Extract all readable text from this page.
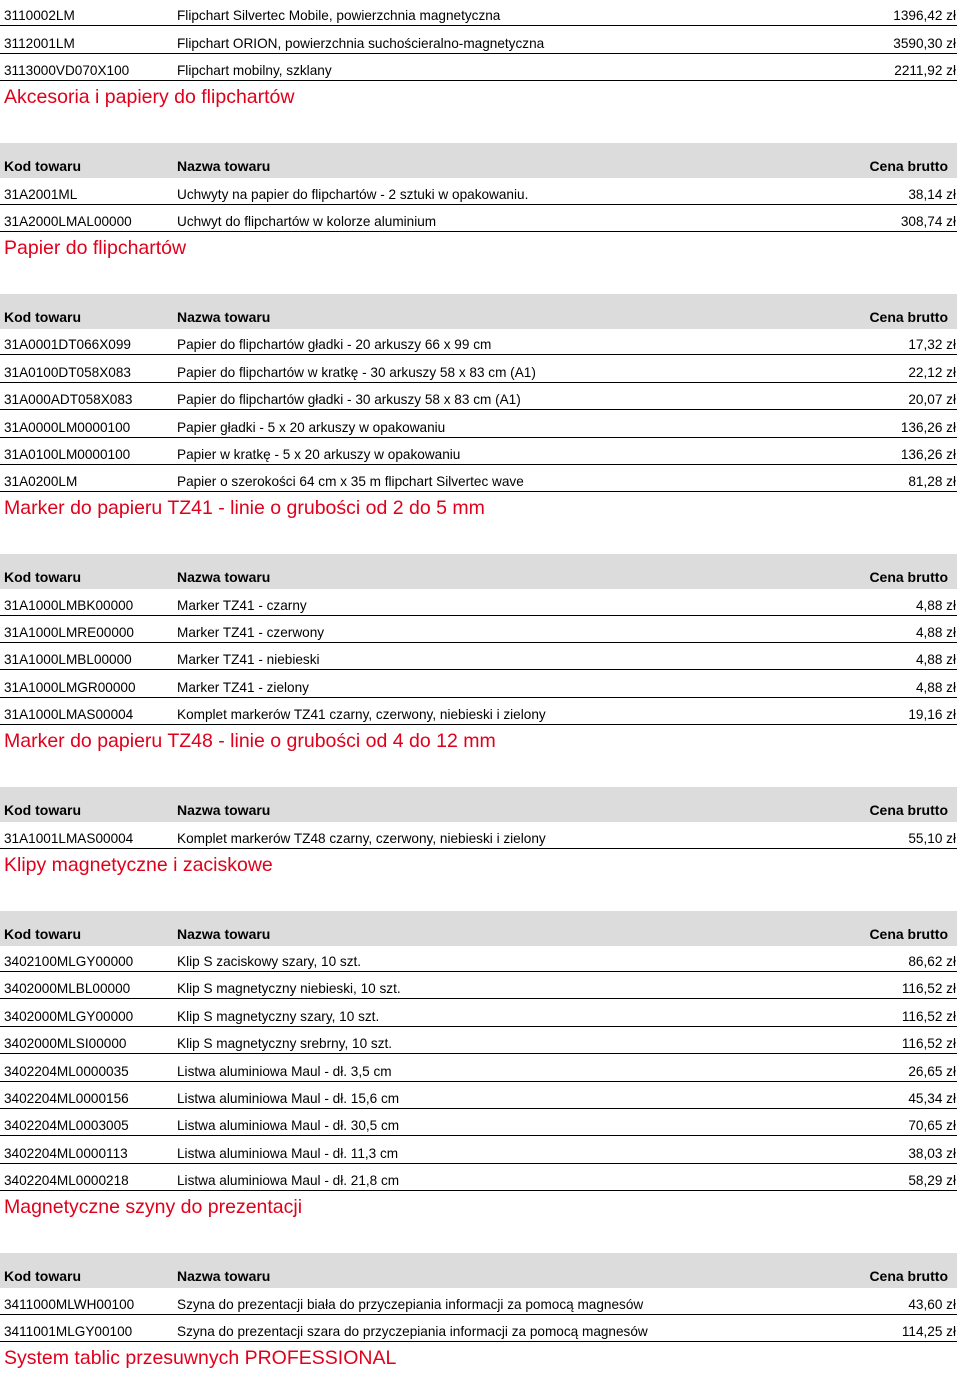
3110002LM	Flipchart Silvertec Mobile, powierzchnia magnetyczna	1396,42 zł
3112001LM	Flipchart ORION, powierzchnia suchościeralno-magnetyczna	3590,30 zł
3113000VD070X100	Flipchart mobilny, szklany	2211,92 zł
Akcesoria i papiery do flipchartów
Kod towaru	Nazwa towaru	Cena brutto
31A2001ML	Uchwyty na papier do flipchartów - 2 sztuki w opakowaniu.	38,14 zł
31A2000LMAL00000	Uchwyt do flipchartów w kolorze aluminium	308,74 zł
Papier do flipchartów
Kod towaru	Nazwa towaru	Cena brutto
31A0001DT066X099	Papier do flipchartów gładki - 20 arkuszy 66 x 99 cm	17,32 zł
31A0100DT058X083	Papier do flipchartów w kratkę - 30 arkuszy 58 x 83 cm (A1)	22,12 zł
31A000ADT058X083	Papier do flipchartów gładki - 30 arkuszy 58 x 83 cm (A1)	20,07 zł
31A0000LM0000100	Papier gładki - 5 x 20 arkuszy w opakowaniu	136,26 zł
31A0100LM0000100	Papier w kratkę - 5 x 20 arkuszy w opakowaniu	136,26 zł
31A0200LM	Papier o szerokości 64 cm x 35 m flipchart Silvertec wave	81,28 zł
Marker do papieru TZ41 - linie o grubości od 2 do 5 mm
Kod towaru	Nazwa towaru	Cena brutto
31A1000LMBK00000	Marker TZ41 - czarny	4,88 zł
31A1000LMRE00000	Marker TZ41 - czerwony	4,88 zł
31A1000LMBL00000	Marker TZ41 - niebieski	4,88 zł
31A1000LMGR00000	Marker TZ41 - zielony	4,88 zł
31A1000LMAS00004	Komplet markerów TZ41 czarny, czerwony, niebieski i zielony	19,16 zł
Marker do papieru TZ48 - linie o grubości od 4 do 12 mm
Kod towaru	Nazwa towaru	Cena brutto
31A1001LMAS00004	Komplet markerów TZ48 czarny, czerwony, niebieski i zielony	55,10 zł
Klipy magnetyczne i zaciskowe
Kod towaru	Nazwa towaru	Cena brutto
3402100MLGY00000	Klip S zaciskowy szary, 10 szt.	86,62 zł
3402000MLBL00000	Klip S magnetyczny niebieski, 10 szt.	116,52 zł
3402000MLGY00000	Klip S magnetyczny szary, 10 szt.	116,52 zł
3402000MLSI00000	Klip S magnetyczny srebrny, 10 szt.	116,52 zł
3402204ML0000035	Listwa aluminiowa Maul - dł. 3,5 cm	26,65 zł
3402204ML0000156	Listwa aluminiowa Maul - dł. 15,6 cm	45,34 zł
3402204ML0003005	Listwa aluminiowa Maul - dł. 30,5 cm	70,65 zł
3402204ML0000113	Listwa aluminiowa Maul - dł. 11,3 cm	38,03 zł
3402204ML0000218	Listwa aluminiowa Maul - dł. 21,8 cm	58,29 zł
Magnetyczne szyny do prezentacji
Kod towaru	Nazwa towaru	Cena brutto
3411000MLWH00100	Szyna do prezentacji biała do przyczepiania informacji za pomocą magnesów	43,60 zł
3411001MLGY00100	Szyna do prezentacji szara do przyczepiania informacji za pomocą magnesów	114,25 zł
System tablic przesuwnych PROFESSIONAL
